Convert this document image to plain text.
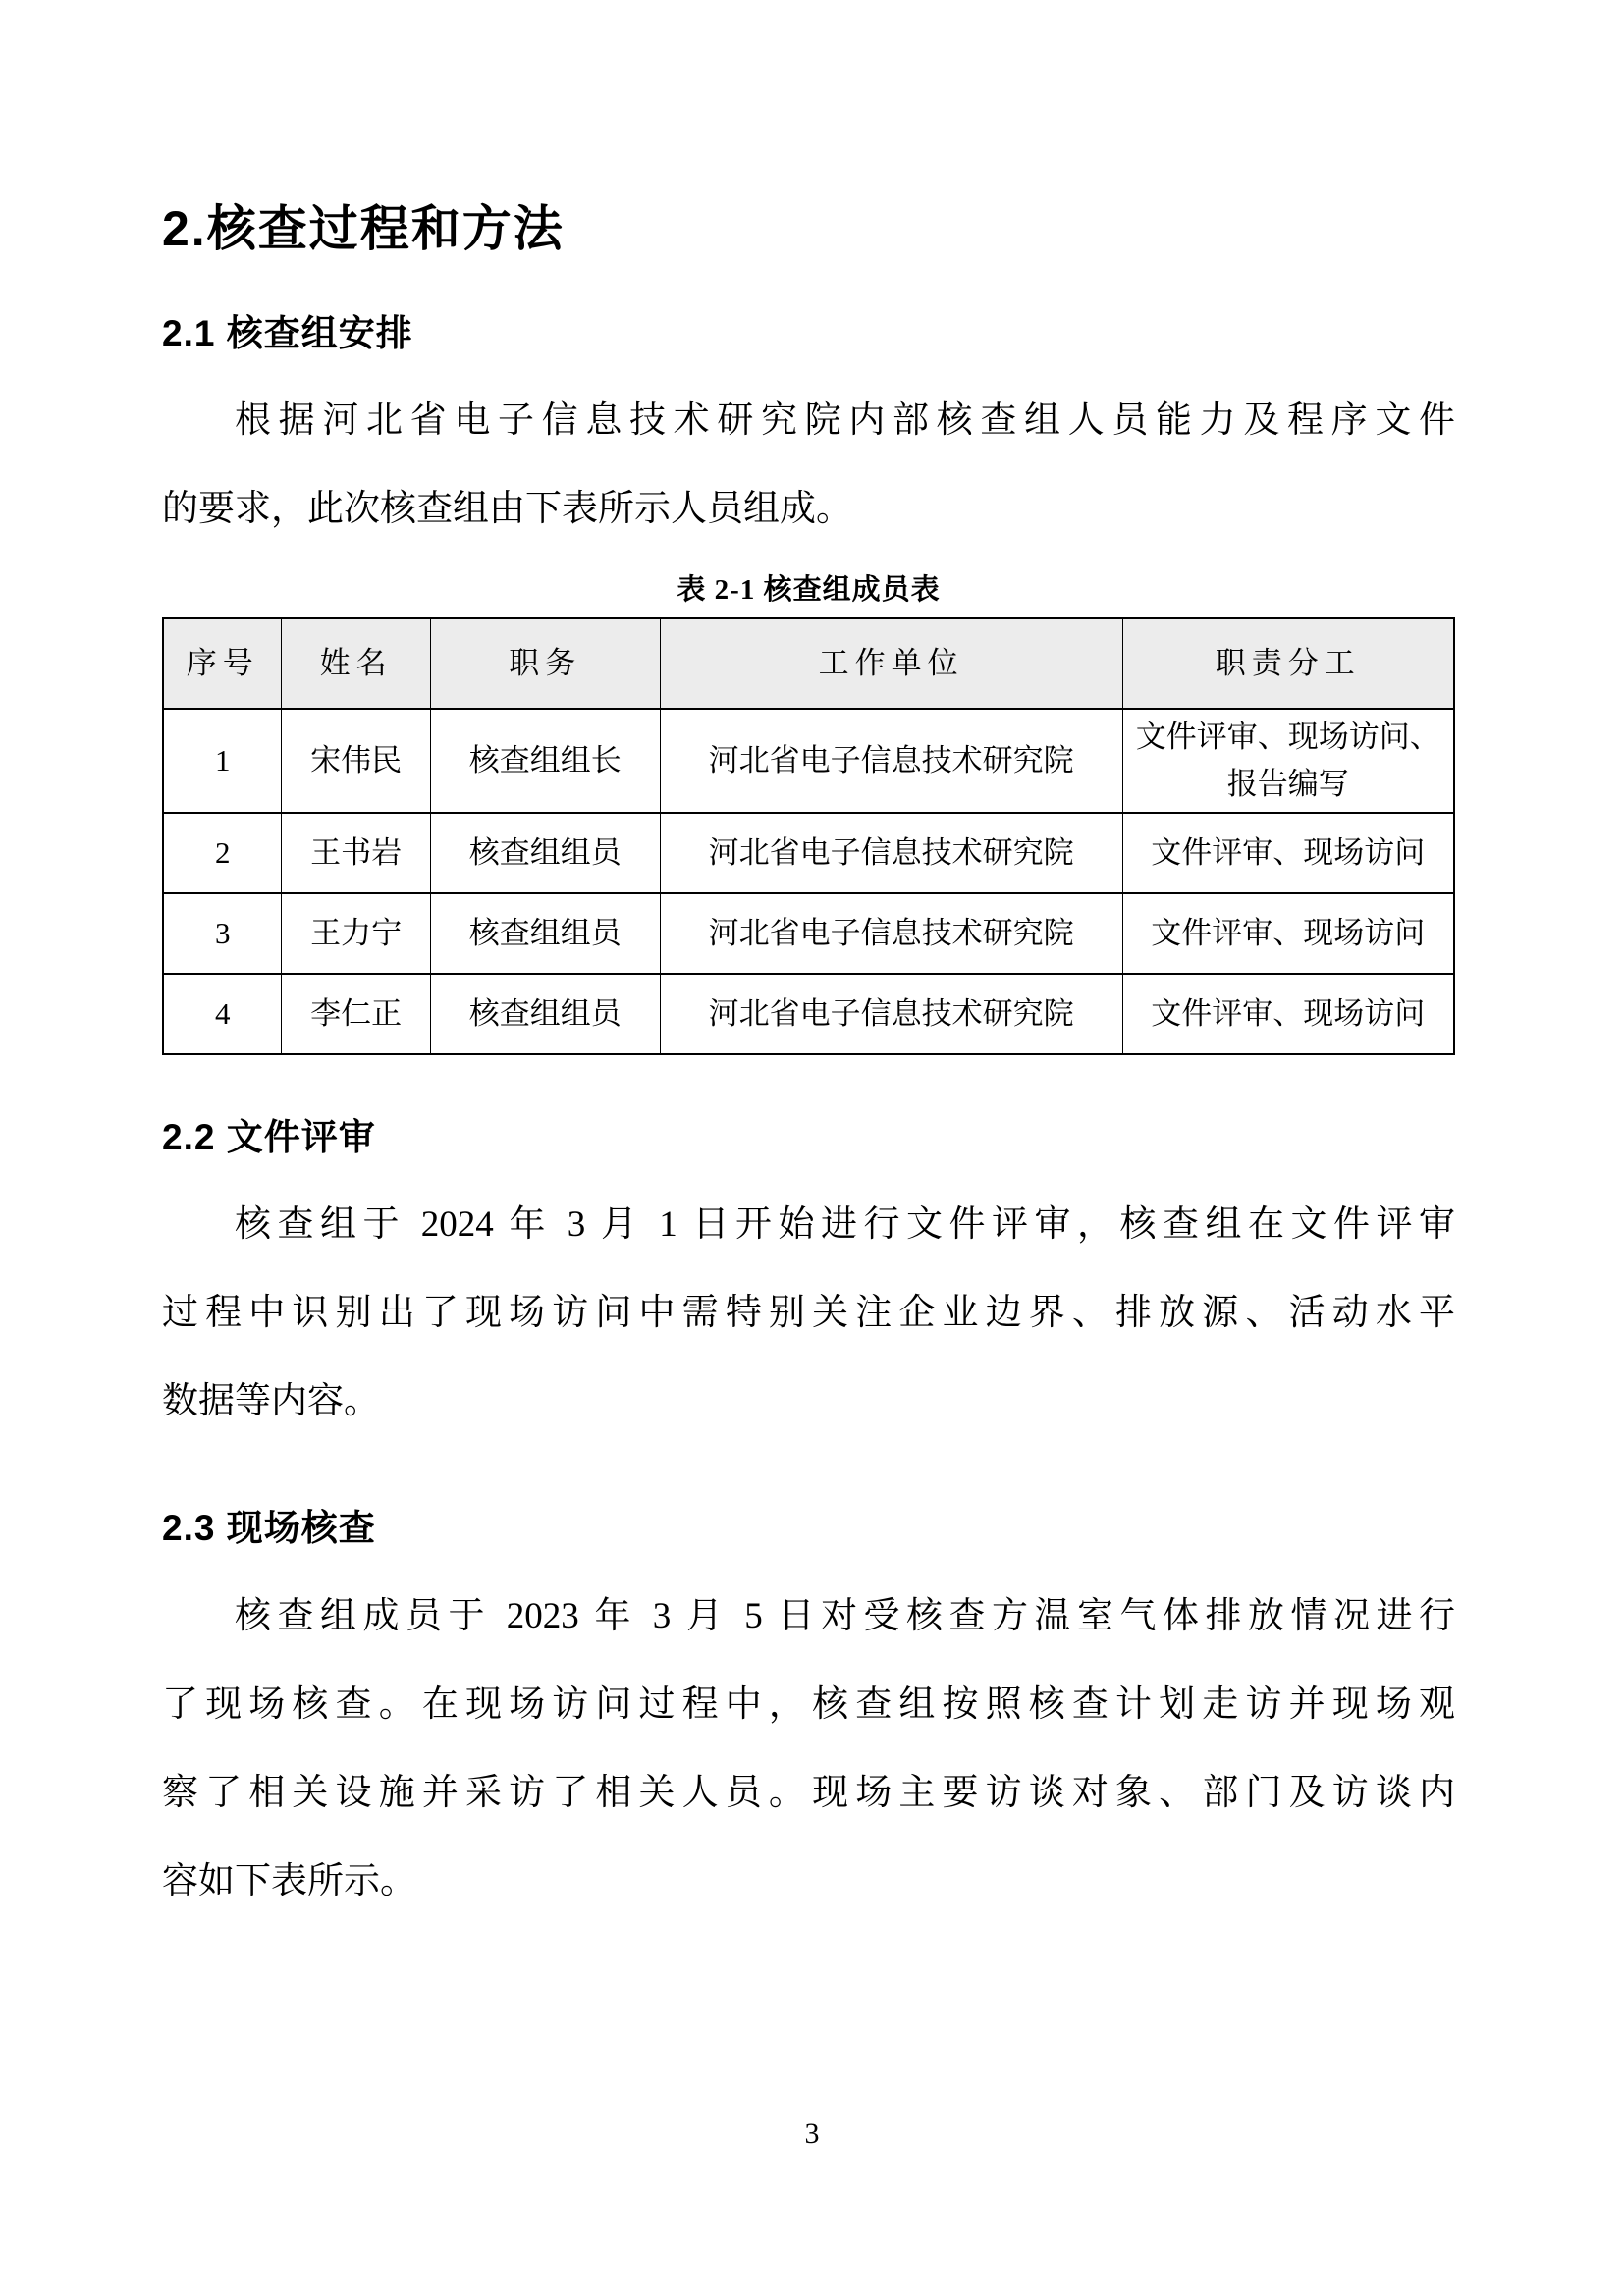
2.核查过程和方法
2.1 核查组安排
根据河北省电子信息技术研究院内部核查组人员能力及程序文件
的要求，此次核查组由下表所示人员组成。
表 2-1 核查组成员表
序号	姓名	职务	工作单位	职责分工
1	宋伟民	核查组组长	河北省电子信息技术研究院	文件评审、现场访问、报告编写
2	王书岩	核查组组员	河北省电子信息技术研究院	文件评审、现场访问
3	王力宁	核查组组员	河北省电子信息技术研究院	文件评审、现场访问
4	李仁正	核查组组员	河北省电子信息技术研究院	文件评审、现场访问
2.2 文件评审
核查组于 2024 年 3 月 1 日开始进行文件评审，核查组在文件评审
过程中识别出了现场访问中需特别关注企业边界、排放源、活动水平
数据等内容。
2.3 现场核查
核查组成员于 2023 年 3 月 5 日对受核查方温室气体排放情况进行
了现场核查。在现场访问过程中，核查组按照核查计划走访并现场观
察了相关设施并采访了相关人员。现场主要访谈对象、部门及访谈内
容如下表所示。
3
